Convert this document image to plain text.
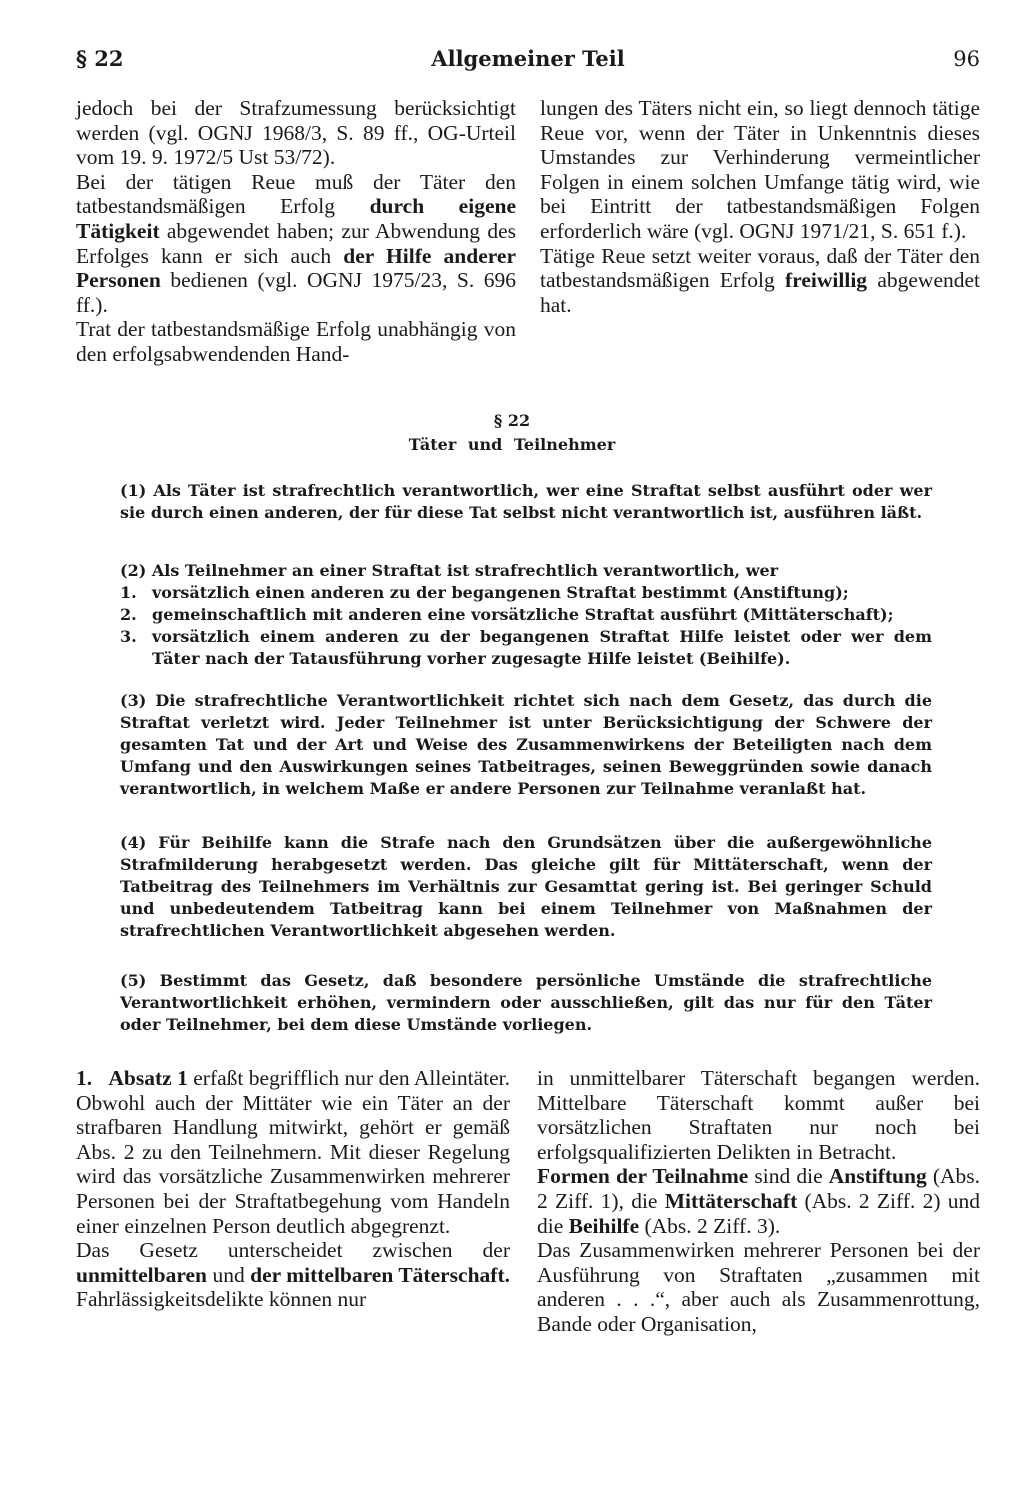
§ 22	Allgemeiner Teil	96

jedoch bei der Strafzumessung berücksichtigt werden (vgl. OGNJ 1968/3, S. 89 ff., OG-Urteil vom 19. 9. 1972/5 Ust 53/72).

Bei der tätigen Reue muß der Täter den tatbestandsmäßigen Erfolg durch eigene Tätigkeit abgewendet haben; zur Abwendung des Erfolges kann er sich auch der Hilfe anderer Personen bedienen (vgl. OGNJ 1975/23, S. 696 ff.).

Trat der tatbestandsmäßige Erfolg unabhängig von den erfolgsabwendenden Hand-

lungen des Täters nicht ein, so liegt dennoch tätige Reue vor, wenn der Täter in Unkenntnis dieses Umstandes zur Verhinderung vermeintlicher Folgen in einem solchen Umfange tätig wird, wie bei Eintritt der tatbestandsmäßigen Folgen erforderlich wäre (vgl. OGNJ 1971/21, S. 651 f.).

Tätige Reue setzt weiter voraus, daß der Täter den tatbestandsmäßigen Erfolg freiwillig abgewendet hat.

§ 22
Täter und Teilnehmer

(1) Als Täter ist strafrechtlich verantwortlich, wer eine Straftat selbst ausführt oder wer sie durch einen anderen, der für diese Tat selbst nicht verantwortlich ist, ausführen läßt.

(2) Als Teilnehmer an einer Straftat ist strafrechtlich verantwortlich, wer
1. vorsätzlich einen anderen zu der begangenen Straftat bestimmt (Anstiftung);
2. gemeinschaftlich mit anderen eine vorsätzliche Straftat ausführt (Mittäterschaft);
3. vorsätzlich einem anderen zu der begangenen Straftat Hilfe leistet oder wer dem Täter nach der Tatausführung vorher zugesagte Hilfe leistet (Beihilfe).

(3) Die strafrechtliche Verantwortlichkeit richtet sich nach dem Gesetz, das durch die Straftat verletzt wird. Jeder Teilnehmer ist unter Berücksichtigung der Schwere der gesamten Tat und der Art und Weise des Zusammenwirkens der Beteiligten nach dem Umfang und den Auswirkungen seines Tatbeitrages, seinen Beweggründen sowie danach verantwortlich, in welchem Maße er andere Personen zur Teilnahme veranlaßt hat.

(4) Für Beihilfe kann die Strafe nach den Grundsätzen über die außergewöhnliche Strafmilderung herabgesetzt werden. Das gleiche gilt für Mittäterschaft, wenn der Tatbeitrag des Teilnehmers im Verhältnis zur Gesamttat gering ist. Bei geringer Schuld und unbedeutendem Tatbeitrag kann bei einem Teilnehmer von Maßnahmen der strafrechtlichen Verantwortlichkeit abgesehen werden.

(5) Bestimmt das Gesetz, daß besondere persönliche Umstände die strafrechtliche Verantwortlichkeit erhöhen, vermindern oder ausschließen, gilt das nur für den Täter oder Teilnehmer, bei dem diese Umstände vorliegen.

1. Absatz 1 erfaßt begrifflich nur den Alleintäter. Obwohl auch der Mittäter wie ein Täter an der strafbaren Handlung mitwirkt, gehört er gemäß Abs. 2 zu den Teilnehmern. Mit dieser Regelung wird das vorsätzliche Zusammenwirken mehrerer Personen bei der Straftatbegehung vom Handeln einer einzelnen Person deutlich abgegrenzt.

Das Gesetz unterscheidet zwischen der unmittelbaren und der mittelbaren Täterschaft. Fahrlässigkeitsdelikte können nur

in unmittelbarer Täterschaft begangen werden. Mittelbare Täterschaft kommt außer bei vorsätzlichen Straftaten nur noch bei erfolgsqualifizierten Delikten in Betracht.

Formen der Teilnahme sind die Anstiftung (Abs. 2 Ziff. 1), die Mittäterschaft (Abs. 2 Ziff. 2) und die Beihilfe (Abs. 2 Ziff. 3).

Das Zusammenwirken mehrerer Personen bei der Ausführung von Straftaten „zusammen mit anderen . . .“, aber auch als Zusammenrottung, Bande oder Organisation,
